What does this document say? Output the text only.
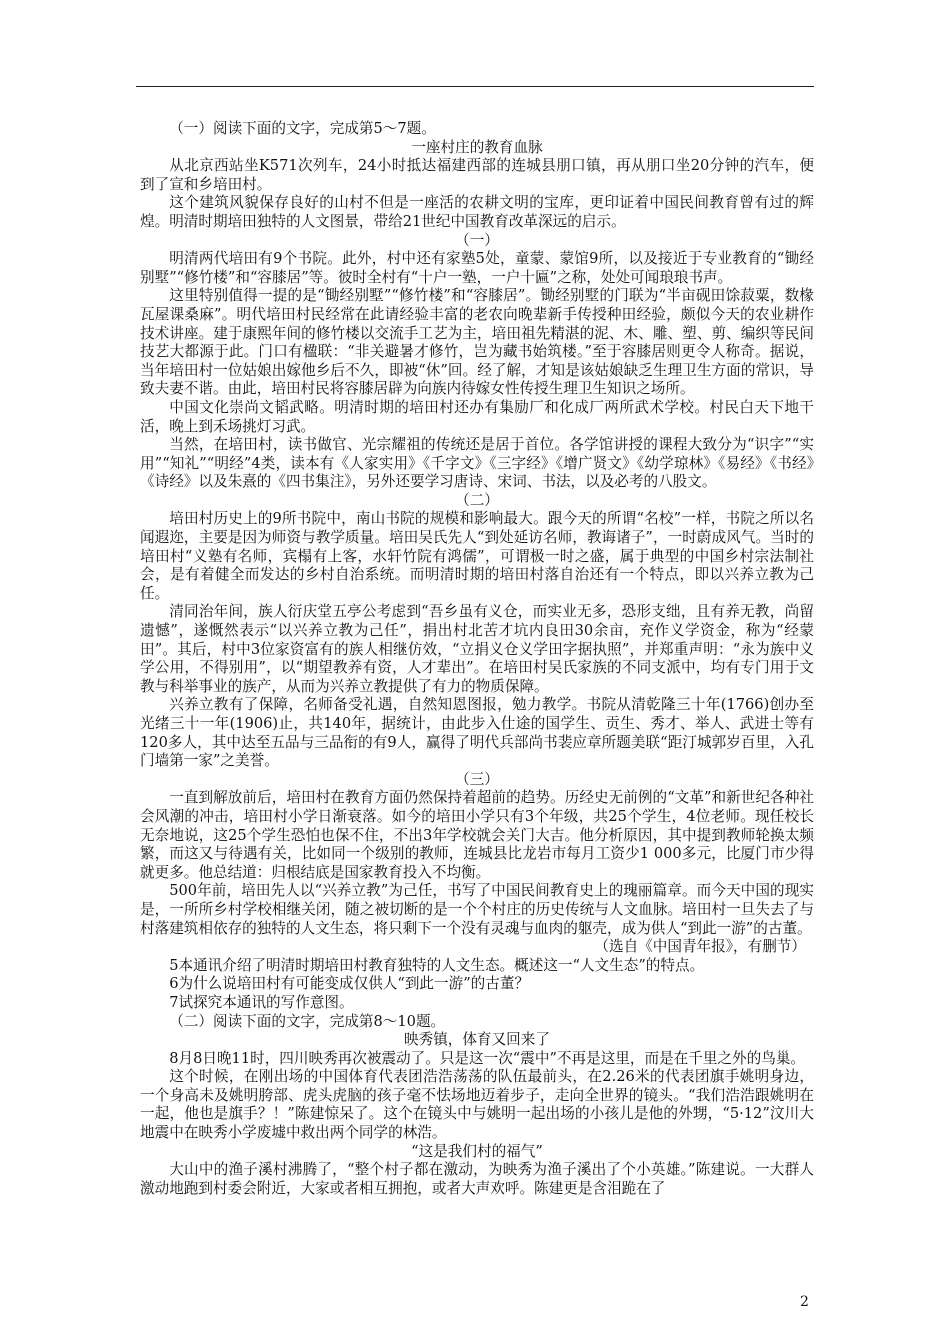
（一）阅读下面的文字，完成第5～7题。

一座村庄的教育血脉

从北京西站坐K571次列车，24小时抵达福建西部的连城县朋口镇，再从朋口坐20分钟的汽车，便到了宣和乡培田村。

这个建筑风貌保存良好的山村不但是一座活的农耕文明的宝库，更印证着中国民间教育曾有过的辉煌。明清时期培田独特的人文图景，带给21世纪中国教育改革深远的启示。

（一）

明清两代培田有9个书院。此外，村中还有家塾5处，童蒙、蒙馆9所，以及接近于专业教育的“锄经别墅”“修竹楼”和“容膝居”等。彼时全村有“十户一塾，一户十匾”之称，处处可闻琅琅书声。

这里特别值得一提的是“锄经别墅”“修竹楼”和“容膝居”。锄经别墅的门联为“半亩砚田馀菽粟，数椽瓦屋课桑麻”。明代培田村民经常在此请经验丰富的老农向晚辈新手传授种田经验，颇似今天的农业耕作技术讲座。建于康熙年间的修竹楼以交流手工艺为主，培田祖先精湛的泥、木、雕、塑、剪、编织等民间技艺大都源于此。门口有楹联：“非关避暑才修竹，岂为藏书始筑楼。”至于容膝居则更令人称奇。据说，当年培田村一位姑娘出嫁他乡后不久，即被“休”回。经了解，才知是该姑娘缺乏生理卫生方面的常识，导致夫妻不谐。由此，培田村民将容膝居辟为向族内待嫁女性传授生理卫生知识之场所。

中国文化崇尚文韬武略。明清时期的培田村还办有集励厂和化成厂两所武术学校。村民白天下地干活，晚上到禾场挑灯习武。

当然，在培田村，读书做官、光宗耀祖的传统还是居于首位。各学馆讲授的课程大致分为“识字”“实用”“知礼”“明经”4类，读本有《人家实用》《千字文》《三字经》《增广贤文》《幼学琼林》《易经》《书经》《诗经》以及朱熹的《四书集注》，另外还要学习唐诗、宋词、书法，以及必考的八股文。

（二）

培田村历史上的9所书院中，南山书院的规模和影响最大。跟今天的所谓“名校”一样，书院之所以名闻遐迩，主要是因为师资与教学质量。培田吴氏先人“到处延访名师，教诲诸子”，一时蔚成风气。当时的培田村“义塾有名师，宾榻有上客，水轩竹院有鸿儒”，可谓极一时之盛，属于典型的中国乡村宗法制社会，是有着健全而发达的乡村自治系统。而明清时期的培田村落自治还有一个特点，即以兴养立教为己任。

清同治年间，族人衍庆堂五亭公考虑到“吾乡虽有义仓，而实业无多，恐形支绌，且有养无教，尚留遗憾”，遂慨然表示“以兴养立教为己任”，捐出村北苦才坑内良田30余亩，充作义学资金，称为“经蒙田”。其后，村中3位家资富有的族人相继仿效，“立捐义仓义学田字据执照”，并郑重声明：“永为族中义学公用，不得别用”，以“期望教养有资，人才辈出”。在培田村吴氏家族的不同支派中，均有专门用于文教与科举事业的族产，从而为兴养立教提供了有力的物质保障。

兴养立教有了保障，名师备受礼遇，自然知恩图报，勉力教学。书院从清乾隆三十年(1766)创办至光绪三十一年(1906)止，共140年，据统计，由此步入仕途的国学生、贡生、秀才、举人、武进士等有120多人，其中达至五品与三品衔的有9人，赢得了明代兵部尚书裴应章所题美联“距汀城郭岁百里，入孔门墙第一家”之美誉。

（三）

一直到解放前后，培田村在教育方面仍然保持着超前的趋势。历经史无前例的“文革”和新世纪各种社会风潮的冲击，培田村小学日渐衰落。如今的培田小学只有3个年级，共25个学生，4位老师。现任校长无奈地说，这25个学生恐怕也保不住，不出3年学校就会关门大吉。他分析原因，其中提到教师轮换太频繁，而这又与待遇有关，比如同一个级别的教师，连城县比龙岩市每月工资少1 000多元，比厦门市少得就更多。他总结道：归根结底是国家教育投入不均衡。

500年前，培田先人以“兴养立教”为己任，书写了中国民间教育史上的瑰丽篇章。而今天中国的现实是，一所所乡村学校相继关闭，随之被切断的是一个个村庄的历史传统与人文血脉。培田村一旦失去了与村落建筑相依存的独特的人文生态，将只剩下一个没有灵魂与血肉的躯壳，成为供人“到此一游”的古董。

（选自《中国青年报》，有删节）

5本通讯介绍了明清时期培田村教育独特的人文生态。概述这一“人文生态”的特点。

6为什么说培田村有可能变成仅供人“到此一游”的古董？

7试探究本通讯的写作意图。

（二）阅读下面的文字，完成第8～10题。

映秀镇，体育又回来了

8月8日晚11时，四川映秀再次被震动了。只是这一次“震中”不再是这里，而是在千里之外的鸟巢。

这个时候，在刚出场的中国体育代表团浩浩荡荡的队伍最前头，在2.26米的代表团旗手姚明身边，一个身高未及姚明胯部、虎头虎脑的孩子毫不怯场地迈着步子，走向全世界的镜头。“我们浩浩跟姚明在一起，他也是旗手？！”陈建惊呆了。这个在镜头中与姚明一起出场的小孩儿是他的外甥，“5·12”汶川大地震中在映秀小学废墟中救出两个同学的林浩。

“这是我们村的福气”

大山中的渔子溪村沸腾了，“整个村子都在激动，为映秀为渔子溪出了个小英雄。”陈建说。一大群人激动地跑到村委会附近，大家或者相互拥抱，或者大声欢呼。陈建更是含泪跪在了

2
